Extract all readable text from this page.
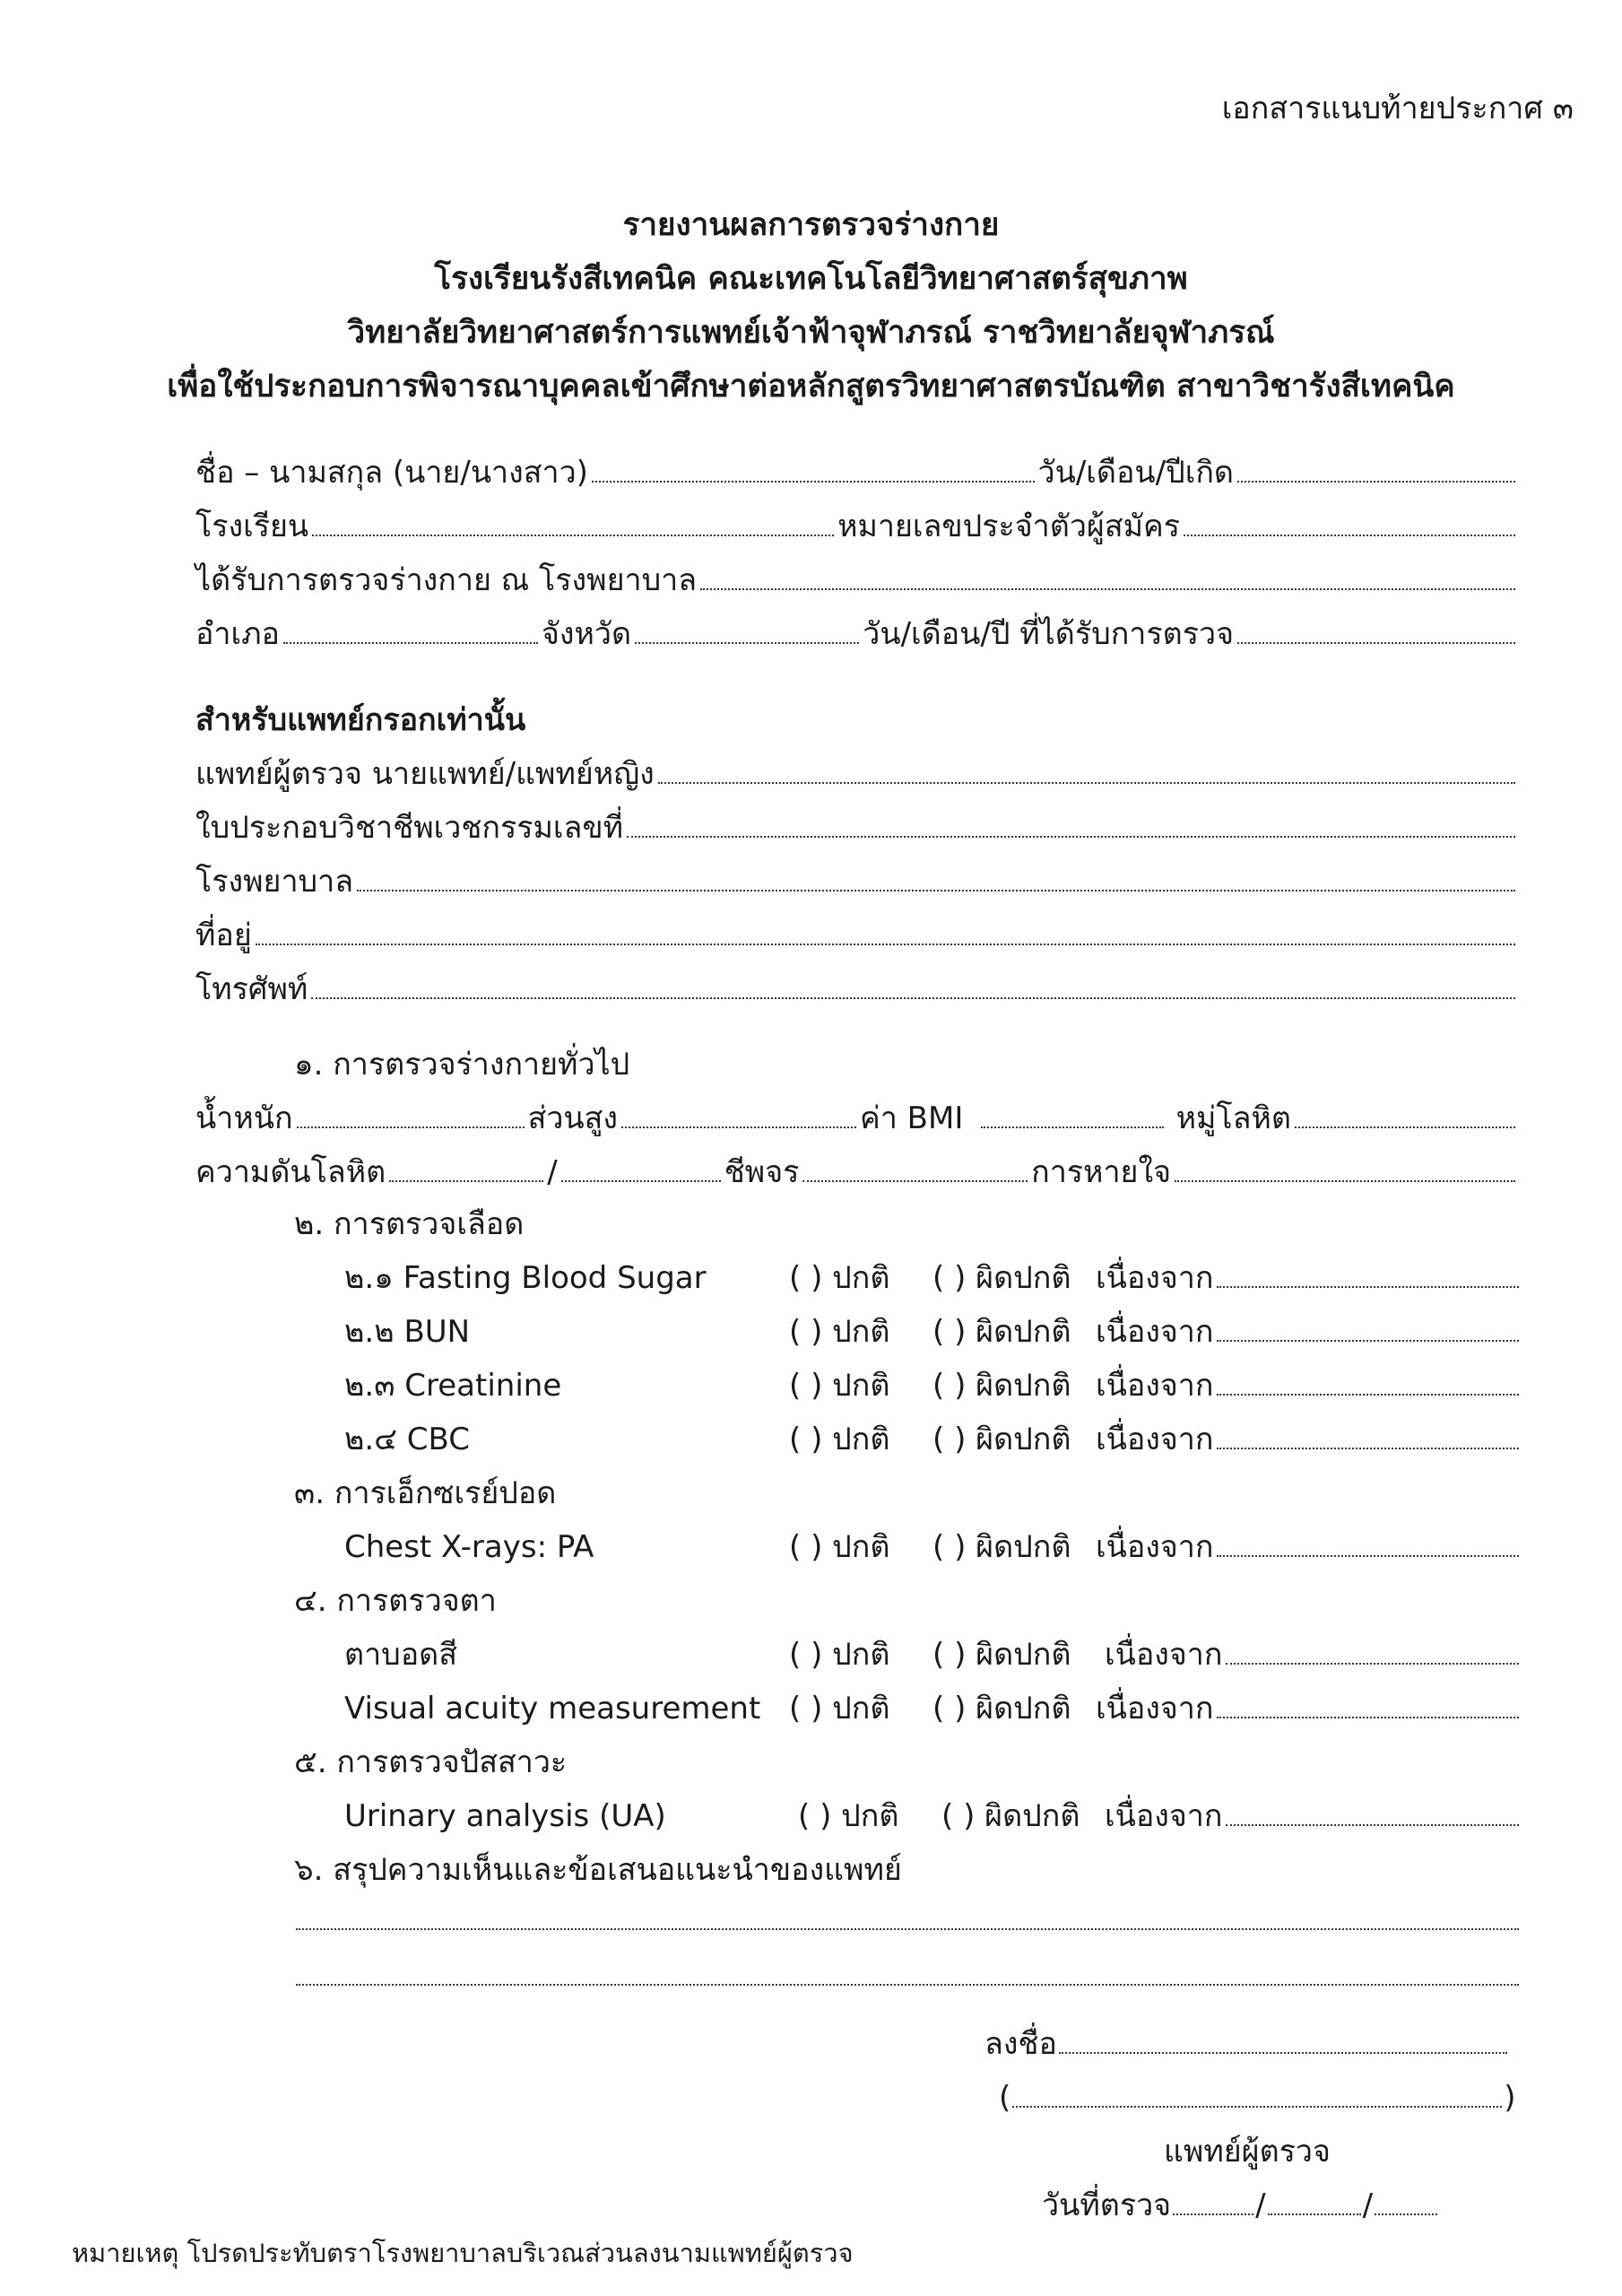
เอกสารแนบท้ายประกาศ ๓
รายงานผลการตรวจร่างกาย
โรงเรียนรังสีเทคนิค คณะเทคโนโลยีวิทยาศาสตร์สุขภาพ
วิทยาลัยวิทยาศาสตร์การแพทย์เจ้าฟ้าจุฬาภรณ์ ราชวิทยาลัยจุฬาภรณ์
เพื่อใช้ประกอบการพิจารณาบุคคลเข้าศึกษาต่อหลักสูตรวิทยาศาสตรบัณฑิต สาขาวิชารังสีเทคนิค
ชื่อ – นามสกุล (นาย/นางสาว)	วัน/เดือน/ปีเกิด
โรงเรียน	หมายเลขประจำตัวผู้สมัคร
ได้รับการตรวจร่างกาย ณ โรงพยาบาล
อำเภอ	จังหวัด	วัน/เดือน/ปี ที่ได้รับการตรวจ
สำหรับแพทย์กรอกเท่านั้น
แพทย์ผู้ตรวจ นายแพทย์/แพทย์หญิง
ใบประกอบวิชาชีพเวชกรรมเลขที่
โรงพยาบาล
ที่อยู่
โทรศัพท์
๑. การตรวจร่างกายทั่วไป
น้ำหนัก	ส่วนสูง	ค่า BMI	หมู่โลหิต
ความดันโลหิต	/	ชีพจร	การหายใจ
๒. การตรวจเลือด
๒.๑ Fasting Blood Sugar	( ) ปกติ ( ) ผิดปกติ เนื่องจาก
๒.๒ BUN	( ) ปกติ ( ) ผิดปกติ เนื่องจาก
๒.๓ Creatinine	( ) ปกติ ( ) ผิดปกติ เนื่องจาก
๒.๔ CBC	( ) ปกติ ( ) ผิดปกติ เนื่องจาก
๓. การเอ็กซเรย์ปอด
Chest X-rays: PA	( ) ปกติ ( ) ผิดปกติ เนื่องจาก
๔. การตรวจตา
ตาบอดสี	( ) ปกติ ( ) ผิดปกติ เนื่องจาก
Visual acuity measurement ( ) ปกติ ( ) ผิดปกติ เนื่องจาก
๕. การตรวจปัสสาวะ
Urinary analysis (UA)	( ) ปกติ ( ) ผิดปกติ เนื่องจาก
๖. สรุปความเห็นและข้อเสนอแนะนำของแพทย์
ลงชื่อ
(	)
แพทย์ผู้ตรวจ
วันที่ตรวจ	/	/
หมายเหตุ โปรดประทับตราโรงพยาบาลบริเวณส่วนลงนามแพทย์ผู้ตรวจ
